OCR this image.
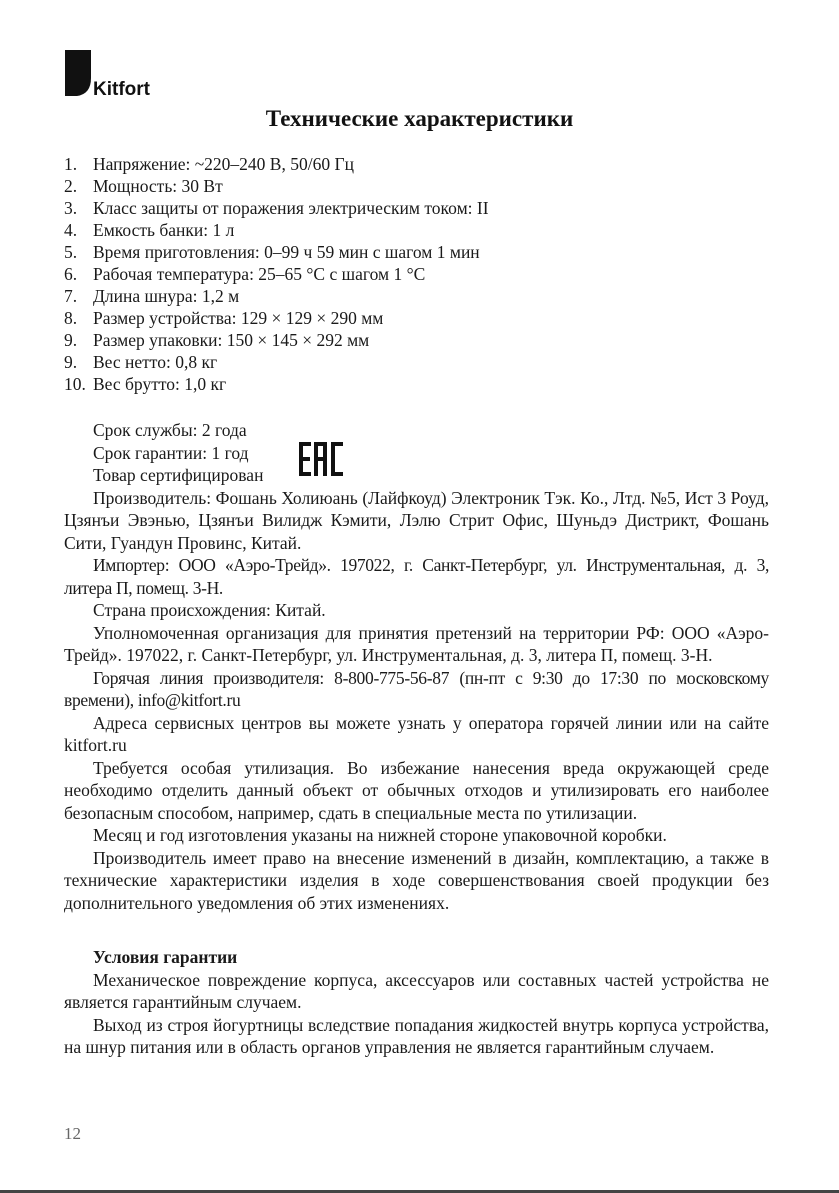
Kitfort
Технические характеристики
1. Напряжение: ~220–240 В, 50/60 Гц
2. Мощность: 30 Вт
3. Класс защиты от поражения электрическим током: II
4. Емкость банки: 1 л
5. Время приготовления: 0–99 ч 59 мин с шагом 1 мин
6. Рабочая температура: 25–65 °С с шагом 1 °С
7. Длина шнура: 1,2 м
8. Размер устройства: 129 × 129 × 290 мм
9. Размер упаковки: 150 × 145 × 292 мм
9. Вес нетто: 0,8 кг
10. Вес брутто: 1,0 кг
Срок службы: 2 года
Срок гарантии: 1 год
Товар сертифицирован

Производитель: Фошань Холиюань (Лайфкоуд) Электроник Тэк. Ко., Лтд. №5, Ист 3 Роуд, Цзянъи Эвэнью, Цзянъи Вилидж Кэмити, Лэлю Стрит Офис, Шуньдэ Дистрикт, Фошань Сити, Гуандун Провинс, Китай.

Импортер: ООО «Аэро-Трейд». 197022, г. Санкт-Петербург, ул. Инструментальная, д. 3, литера П, помещ. 3-Н.

Страна происхождения: Китай.

Уполномоченная организация для принятия претензий на территории РФ: ООО «Аэро-Трейд». 197022, г. Санкт-Петербург, ул. Инструментальная, д. 3, литера П, помещ. 3-Н.

Горячая линия производителя: 8-800-775-56-87 (пн-пт с 9:30 до 17:30 по московскому времени), info@kitfort.ru

Адреса сервисных центров вы можете узнать у оператора горячей линии или на сайте kitfort.ru

Требуется особая утилизация. Во избежание нанесения вреда окружающей среде необходимо отделить данный объект от обычных отходов и утилизировать его наиболее безопасным способом, например, сдать в специальные места по утилизации.

Месяц и год изготовления указаны на нижней стороне упаковочной коробки.

Производитель имеет право на внесение изменений в дизайн, комплектацию, а также в технические характеристики изделия в ходе совершенствования своей продукции без дополнительного уведомления об этих изменениях.

Условия гарантии

Механическое повреждение корпуса, аксессуаров или составных частей устройства не является гарантийным случаем.

Выход из строя йогуртницы вследствие попадания жидкостей внутрь корпуса устройства, на шнур питания или в область органов управления не является гарантийным случаем.

12
